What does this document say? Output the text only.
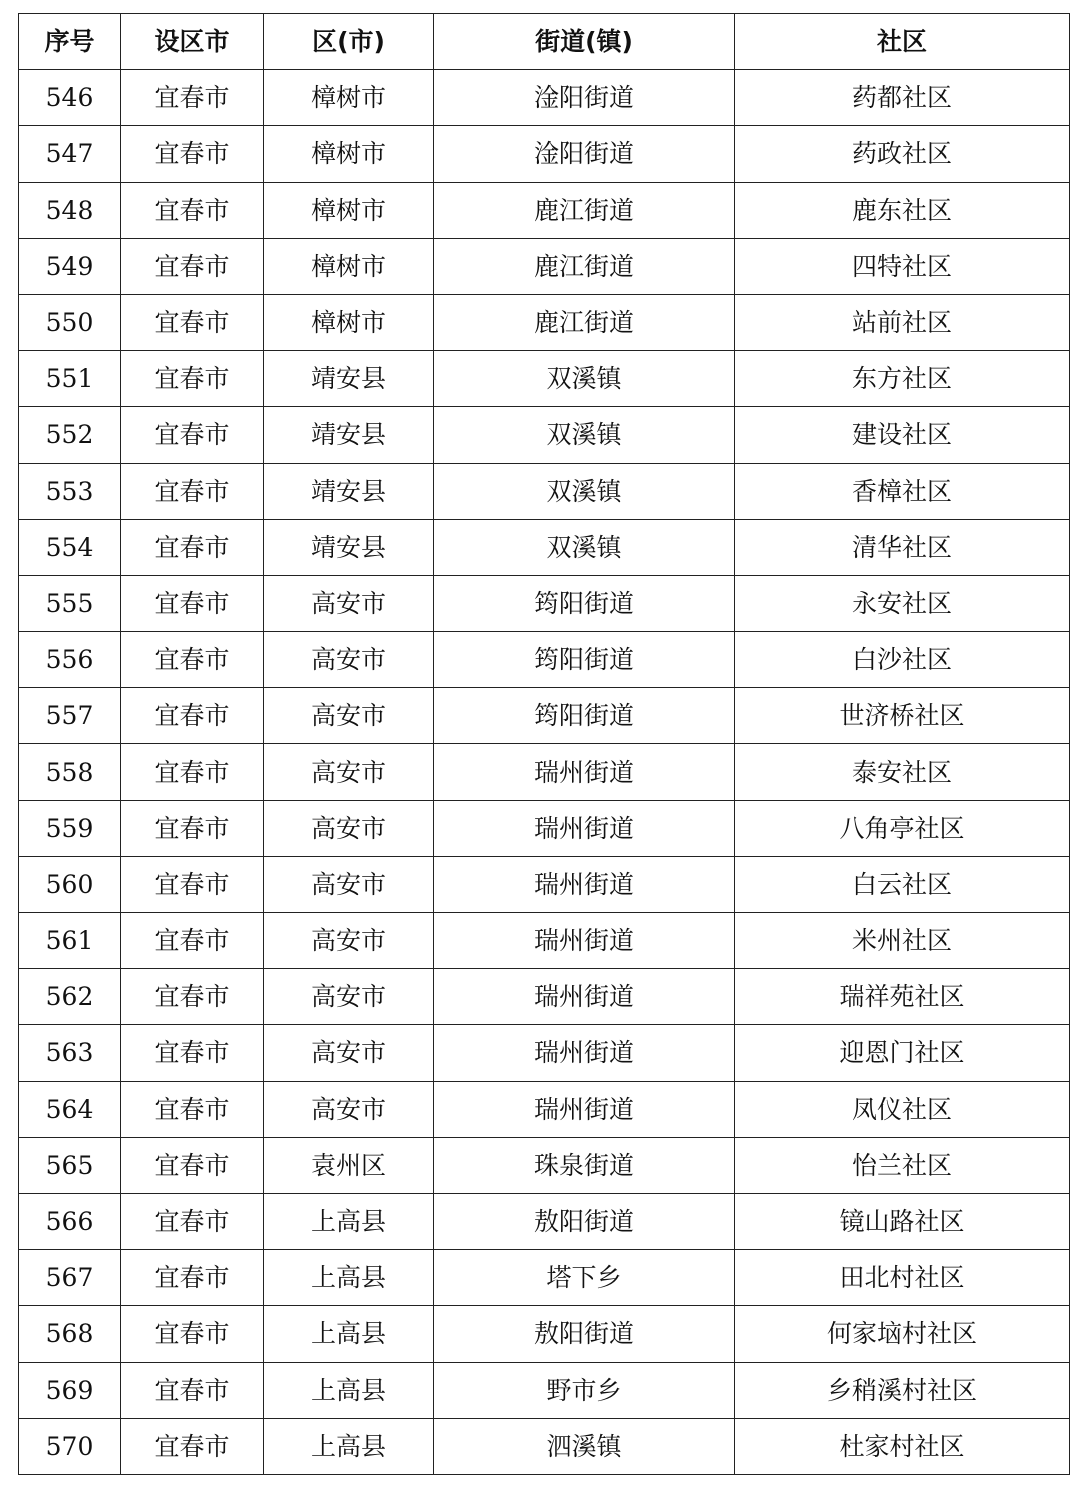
序号	设区市	区(市)	街道(镇)	社区
546	宜春市	樟树市	淦阳街道	药都社区
547	宜春市	樟树市	淦阳街道	药政社区
548	宜春市	樟树市	鹿江街道	鹿东社区
549	宜春市	樟树市	鹿江街道	四特社区
550	宜春市	樟树市	鹿江街道	站前社区
551	宜春市	靖安县	双溪镇	东方社区
552	宜春市	靖安县	双溪镇	建设社区
553	宜春市	靖安县	双溪镇	香樟社区
554	宜春市	靖安县	双溪镇	清华社区
555	宜春市	高安市	筠阳街道	永安社区
556	宜春市	高安市	筠阳街道	白沙社区
557	宜春市	高安市	筠阳街道	世济桥社区
558	宜春市	高安市	瑞州街道	泰安社区
559	宜春市	高安市	瑞州街道	八角亭社区
560	宜春市	高安市	瑞州街道	白云社区
561	宜春市	高安市	瑞州街道	米州社区
562	宜春市	高安市	瑞州街道	瑞祥苑社区
563	宜春市	高安市	瑞州街道	迎恩门社区
564	宜春市	高安市	瑞州街道	凤仪社区
565	宜春市	袁州区	珠泉街道	怡兰社区
566	宜春市	上高县	敖阳街道	镜山路社区
567	宜春市	上高县	塔下乡	田北村社区
568	宜春市	上高县	敖阳街道	何家垴村社区
569	宜春市	上高县	野市乡	乡稍溪村社区
570	宜春市	上高县	泗溪镇	杜家村社区
